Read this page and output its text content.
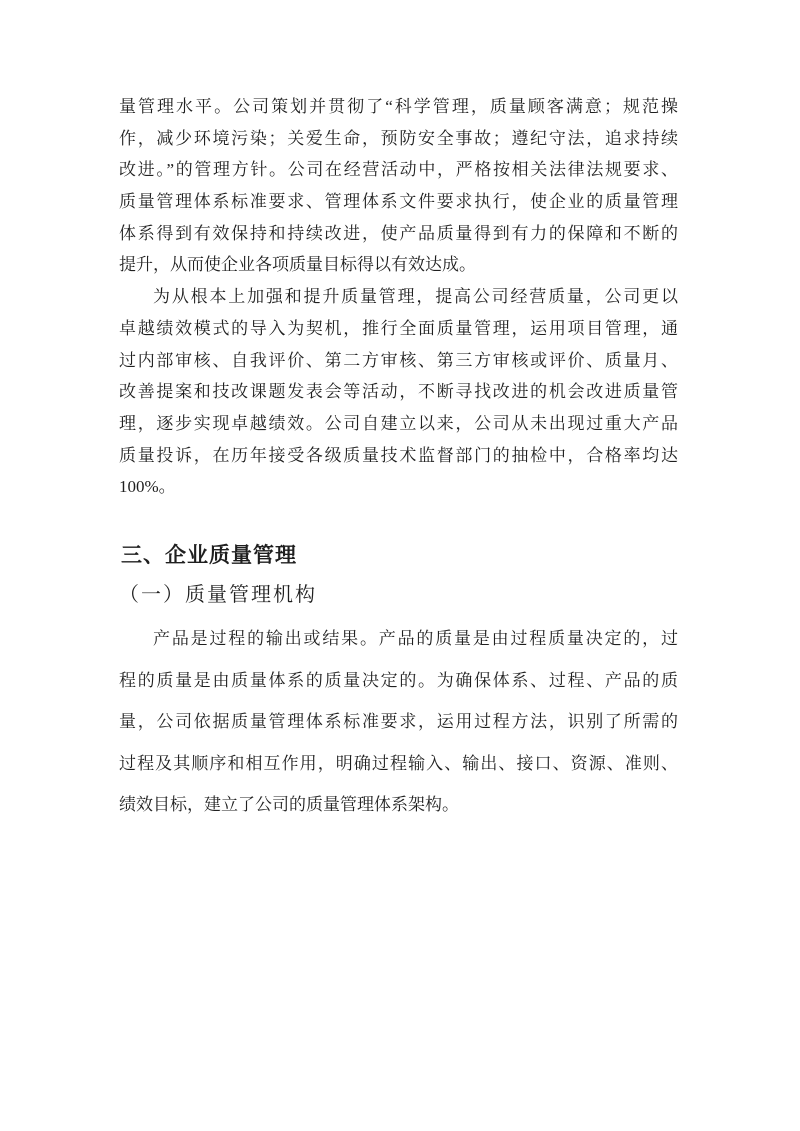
量管理水平。公司策划并贯彻了“科学管理，质量顾客满意；规范操
作，减少环境污染；关爱生命，预防安全事故；遵纪守法，追求持续
改进。”的管理方针。公司在经营活动中，严格按相关法律法规要求、
质量管理体系标准要求、管理体系文件要求执行，使企业的质量管理
体系得到有效保持和持续改进，使产品质量得到有力的保障和不断的
提升，从而使企业各项质量目标得以有效达成。
为从根本上加强和提升质量管理，提高公司经营质量，公司更以
卓越绩效模式的导入为契机，推行全面质量管理，运用项目管理，通
过内部审核、自我评价、第二方审核、第三方审核或评价、质量月、
改善提案和技改课题发表会等活动，不断寻找改进的机会改进质量管
理，逐步实现卓越绩效。公司自建立以来，公司从未出现过重大产品
质量投诉，在历年接受各级质量技术监督部门的抽检中，合格率均达
100%。
三、企业质量管理
（一）质量管理机构
产品是过程的输出或结果。产品的质量是由过程质量决定的，过
程的质量是由质量体系的质量决定的。为确保体系、过程、产品的质
量，公司依据质量管理体系标准要求，运用过程方法，识别了所需的
过程及其顺序和相互作用，明确过程输入、输出、接口、资源、准则、
绩效目标，建立了公司的质量管理体系架构。
